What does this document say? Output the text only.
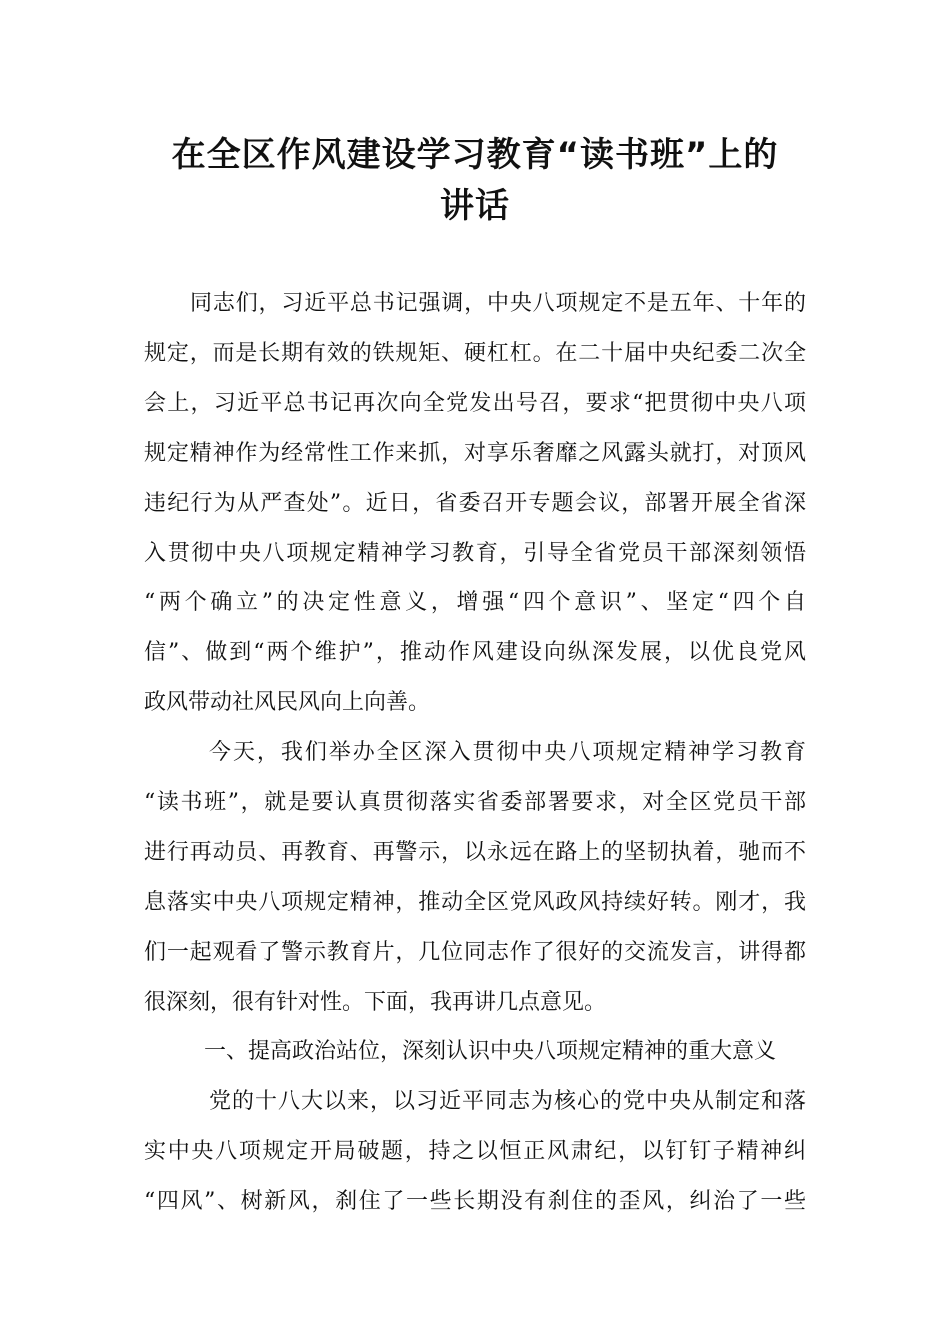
在全区作风建设学习教育“读书班”上的
讲话

同志们，习近平总书记强调，中央八项规定不是五年、十年的

规定，而是长期有效的铁规矩、硬杠杠。在二十届中央纪委二次全

会上，习近平总书记再次向全党发出号召，要求“把贯彻中央八项

规定精神作为经常性工作来抓，对享乐奢靡之风露头就打，对顶风

违纪行为从严查处”。近日，省委召开专题会议，部署开展全省深

入贯彻中央八项规定精神学习教育，引导全省党员干部深刻领悟

“两个确立”的决定性意义，增强“四个意识”、坚定“四个自

信”、做到“两个维护”，推动作风建设向纵深发展，以优良党风

政风带动社风民风向上向善。

今天，我们举办全区深入贯彻中央八项规定精神学习教育

“读书班”，就是要认真贯彻落实省委部署要求，对全区党员干部

进行再动员、再教育、再警示，以永远在路上的坚韧执着，驰而不

息落实中央八项规定精神，推动全区党风政风持续好转。刚才，我

们一起观看了警示教育片，几位同志作了很好的交流发言，讲得都

很深刻，很有针对性。下面，我再讲几点意见。

一、提高政治站位，深刻认识中央八项规定精神的重大意义

党的十八大以来，以习近平同志为核心的党中央从制定和落

实中央八项规定开局破题，持之以恒正风肃纪，以钉钉子精神纠

“四风”、树新风，刹住了一些长期没有刹住的歪风，纠治了一些
